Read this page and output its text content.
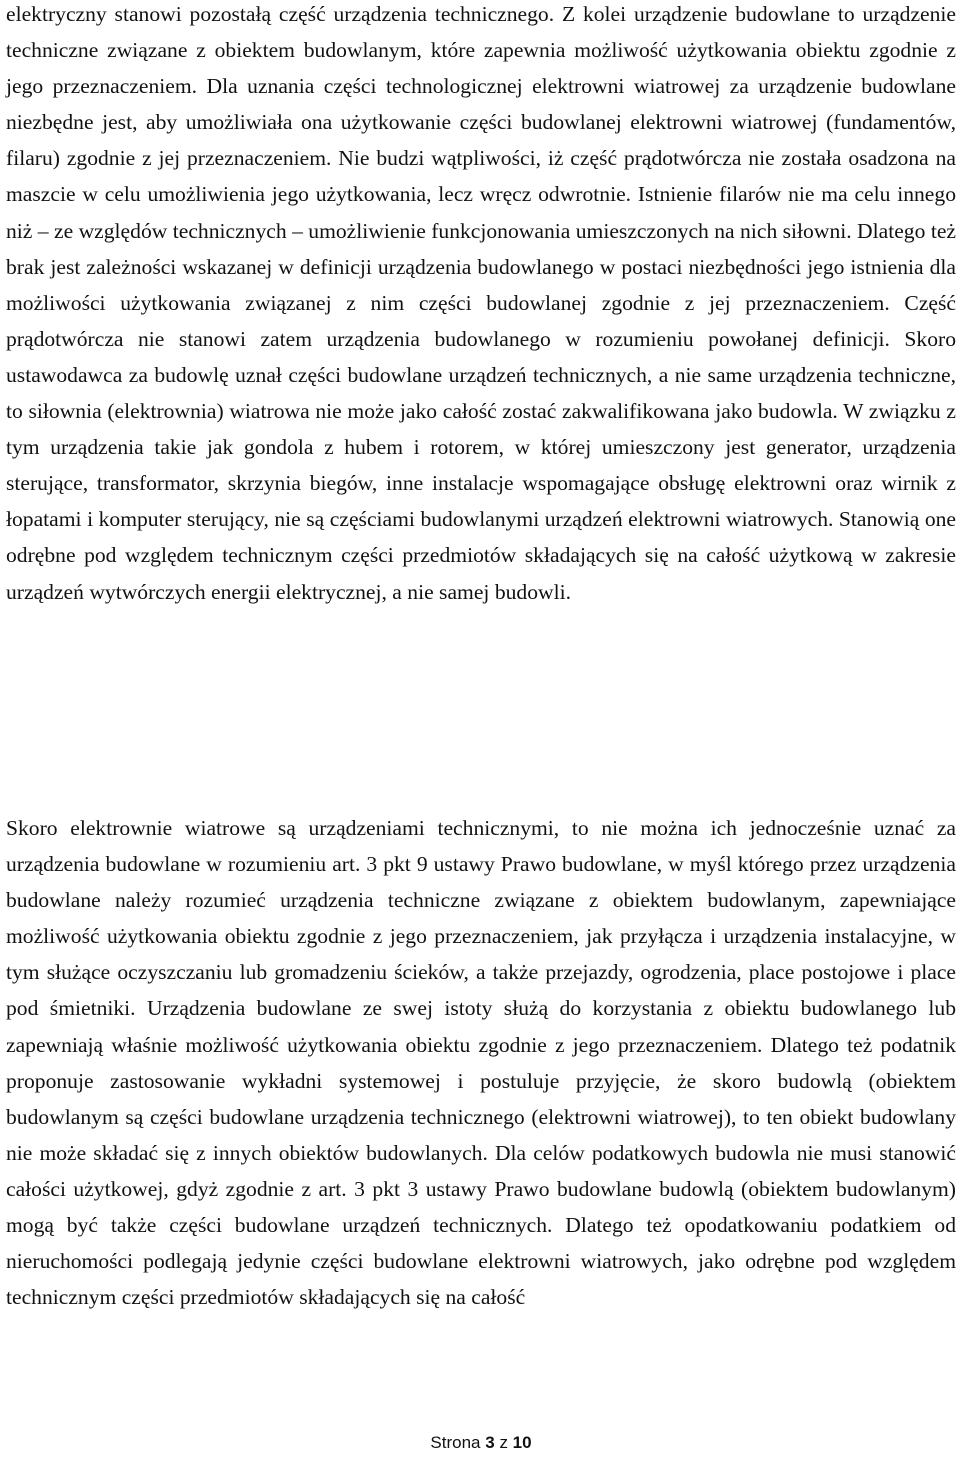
elektryczny stanowi pozostałą część urządzenia technicznego. Z kolei urządzenie budowlane to urządzenie techniczne związane z obiektem budowlanym, które zapewnia możliwość użytkowania obiektu zgodnie z jego przeznaczeniem. Dla uznania części technologicznej elektrowni wiatrowej za urządzenie budowlane niezbędne jest, aby umożliwiała ona użytkowanie części budowlanej elektrowni wiatrowej (fundamentów, filaru) zgodnie z jej przeznaczeniem. Nie budzi wątpliwości, iż część prądotwórcza nie została osadzona na maszcie w celu umożliwienia jego użytkowania, lecz wręcz odwrotnie. Istnienie filarów nie ma celu innego niż – ze względów technicznych – umożliwienie funkcjonowania umieszczonych na nich siłowni. Dlatego też brak jest zależności wskazanej w definicji urządzenia budowlanego w postaci niezbędności jego istnienia dla możliwości użytkowania związanej z nim części budowlanej zgodnie z jej przeznaczeniem. Część prądotwórcza nie stanowi zatem urządzenia budowlanego w rozumieniu powołanej definicji. Skoro ustawodawca za budowlę uznał części budowlane urządzeń technicznych, a nie same urządzenia techniczne, to siłownia (elektrownia) wiatrowa nie może jako całość zostać zakwalifikowana jako budowla. W związku z tym urządzenia takie jak gondola z hubem i rotorem, w której umieszczony jest generator, urządzenia sterujące, transformator, skrzynia biegów, inne instalacje wspomagające obsługę elektrowni oraz wirnik z łopatami i komputer sterujący, nie są częściami budowlanymi urządzeń elektrowni wiatrowych. Stanowią one odrębne pod względem technicznym części przedmiotów składających się na całość użytkową w zakresie urządzeń wytwórczych energii elektrycznej, a nie samej budowli.

Skoro elektrownie wiatrowe są urządzeniami technicznymi, to nie można ich jednocześnie uznać za urządzenia budowlane w rozumieniu art. 3 pkt 9 ustawy Prawo budowlane, w myśl którego przez urządzenia budowlane należy rozumieć urządzenia techniczne związane z obiektem budowlanym, zapewniające możliwość użytkowania obiektu zgodnie z jego przeznaczeniem, jak przyłącza i urządzenia instalacyjne, w tym służące oczyszczaniu lub gromadzeniu ścieków, a także przejazdy, ogrodzenia, place postojowe i place pod śmietniki. Urządzenia budowlane ze swej istoty służą do korzystania z obiektu budowlanego lub zapewniają właśnie możliwość użytkowania obiektu zgodnie z jego przeznaczeniem. Dlatego też podatnik proponuje zastosowanie wykładni systemowej i postuluje przyjęcie, że skoro budowlą (obiektem budowlanym są części budowlane urządzenia technicznego (elektrowni wiatrowej), to ten obiekt budowlany nie może składać się z innych obiektów budowlanych. Dla celów podatkowych budowla nie musi stanowić całości użytkowej, gdyż zgodnie z art. 3 pkt 3 ustawy Prawo budowlane budowlą (obiektem budowlanym) mogą być także części budowlane urządzeń technicznych. Dlatego też opodatkowaniu podatkiem od nieruchomości podlegają jedynie części budowlane elektrowni wiatrowych, jako odrębne pod względem technicznym części przedmiotów składających się na całość

Strona 3 z 10
